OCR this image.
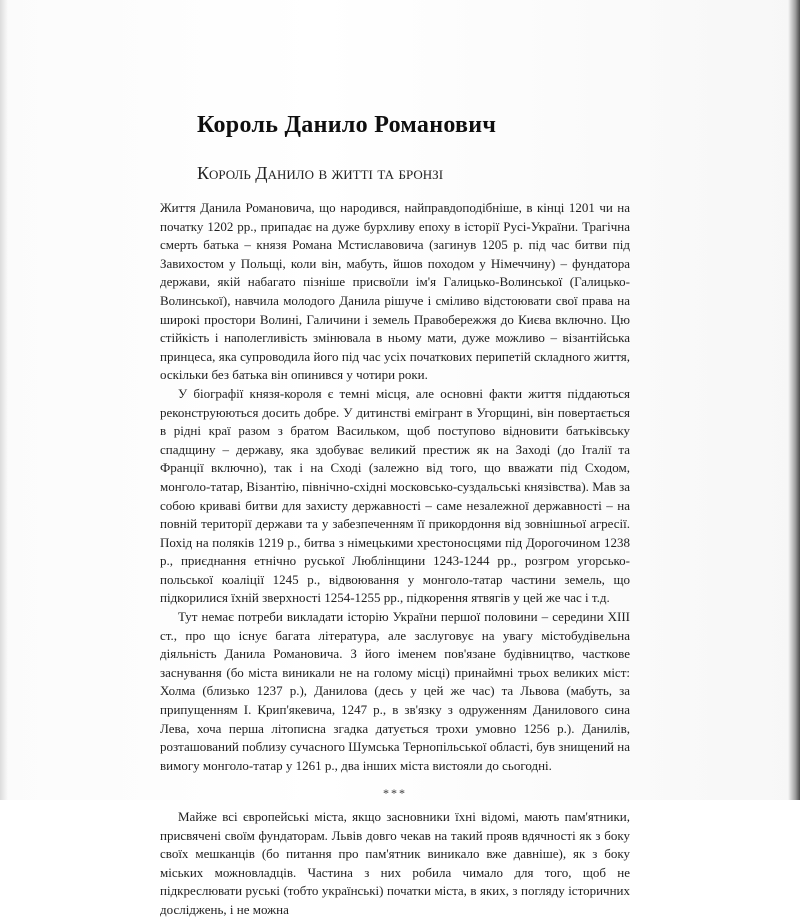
Король Данило Романович
Король Данило в житті та бронзі

Життя Данила Романовича, що народився, найправдоподібніше, в кінці 1201 чи на початку 1202 рр., припадає на дуже бурхливу епоху в історії Русі-України. Трагічна смерть батька – князя Романа Мстиславовича (загинув 1205 р. під час битви під Завихостом у Польщі, коли він, мабуть, йшов походом у Німеччину) – фундатора держави, якій набагато пізніше присвоїли ім'я Галицько-Волинської (Галицько-Волинської), навчила молодого Данила рішуче і сміливо відстоювати свої права на широкі простори Волині, Галичини і земель Правобережжя до Києва включно. Цю стійкість і наполегливість змінювала в ньому мати, дуже можливо – візантійська принцеса, яка супроводила його під час усіх початкових перипетій складного життя, оскільки без батька він опинився у чотири роки.

У біографії князя-короля є темні місця, але основні факти життя піддаються реконструюються досить добре. У дитинстві емігрант в Угорщині, він повертається в рідні краї разом з братом Васильком, щоб поступово відновити батьківську спадщину – державу, яка здобуває великий престиж як на Заході (до Італії та Франції включно), так і на Сході (залежно від того, що вважати під Сходом, монголо-татар, Візантію, північно-східні московсько-суздальські князівства). Мав за собою криваві битви для захисту державності – саме незалежної державності – на повній території держави та у забезпеченням її прикордоння від зовнішньої агресії. Похід на поляків 1219 р., битва з німецькими хрестоносцями під Дорогочином 1238 р., приєднання етнічно руської Люблінщини 1243-1244 рр., розгром угорсько-польської коаліції 1245 р., відвоювання у монголо-татар частини земель, що підкорилися їхній зверхності 1254-1255 рр., підкорення ятвягів у цей же час і т.д.

Тут немає потреби викладати історію України першої половини – середини XIII ст., про що існує багата література, але заслуговує на увагу містобудівельна діяльність Данила Романовича. З його іменем пов'язане будівництво, часткове заснування (бо міста виникали не на голому місці) принаймні трьох великих міст: Холма (близько 1237 р.), Данилова (десь у цей же час) та Львова (мабуть, за припущенням І. Крип'якевича, 1247 р., в зв'язку з одруженням Данилового сина Лева, хоча перша літописна згадка датується трохи умовно 1256 р.). Данилів, розташований поблизу сучасного Шумська Тернопільської області, був знищений на вимогу монголо-татар у 1261 р., два інших міста вистояли до сьогодні.

***

Майже всі європейські міста, якщо засновники їхні відомі, мають пам'ятники, присвячені своїм фундаторам. Львів довго чекав на такий прояв вдячності як з боку своїх мешканців (бо питання про пам'ятник виникало вже давніше), як з боку міських можновладців. Частина з них робила чимало для того, щоб не підкреслювати руські (тобто українські) початки міста, в яких, з погляду історичних досліджень, і не можна
